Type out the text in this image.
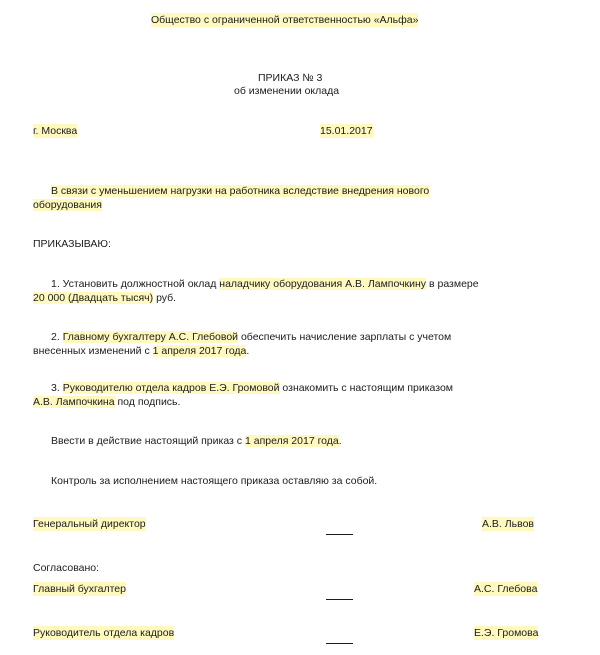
Общество с ограниченной ответственностью «Альфа»
ПРИКАЗ № 3
об изменении оклада
г. Москва	15.01.2017
В связи с уменьшением нагрузки на работника вследствие внедрения нового
оборудования
ПРИКАЗЫВАЮ:
1. Установить должностной оклад наладчику оборудования А.В. Лампочкину в размере
20 000 (Двадцать тысяч) руб.
2. Главному бухгалтеру А.С. Глебовой обеспечить начисление зарплаты с учетом
внесенных изменений с 1 апреля 2017 года.
3. Руководителю отдела кадров Е.Э. Громовой ознакомить с настоящим приказом
А.В. Лампочкина под подпись.
Ввести в действие настоящий приказ с 1 апреля 2017 года.
Контроль за исполнением настоящего приказа оставляю за собой.
Генеральный директор	А.В. Львов
Согласовано:
Главный бухгалтер	А.С. Глебова
Руководитель отдела кадров	Е.Э. Громова
